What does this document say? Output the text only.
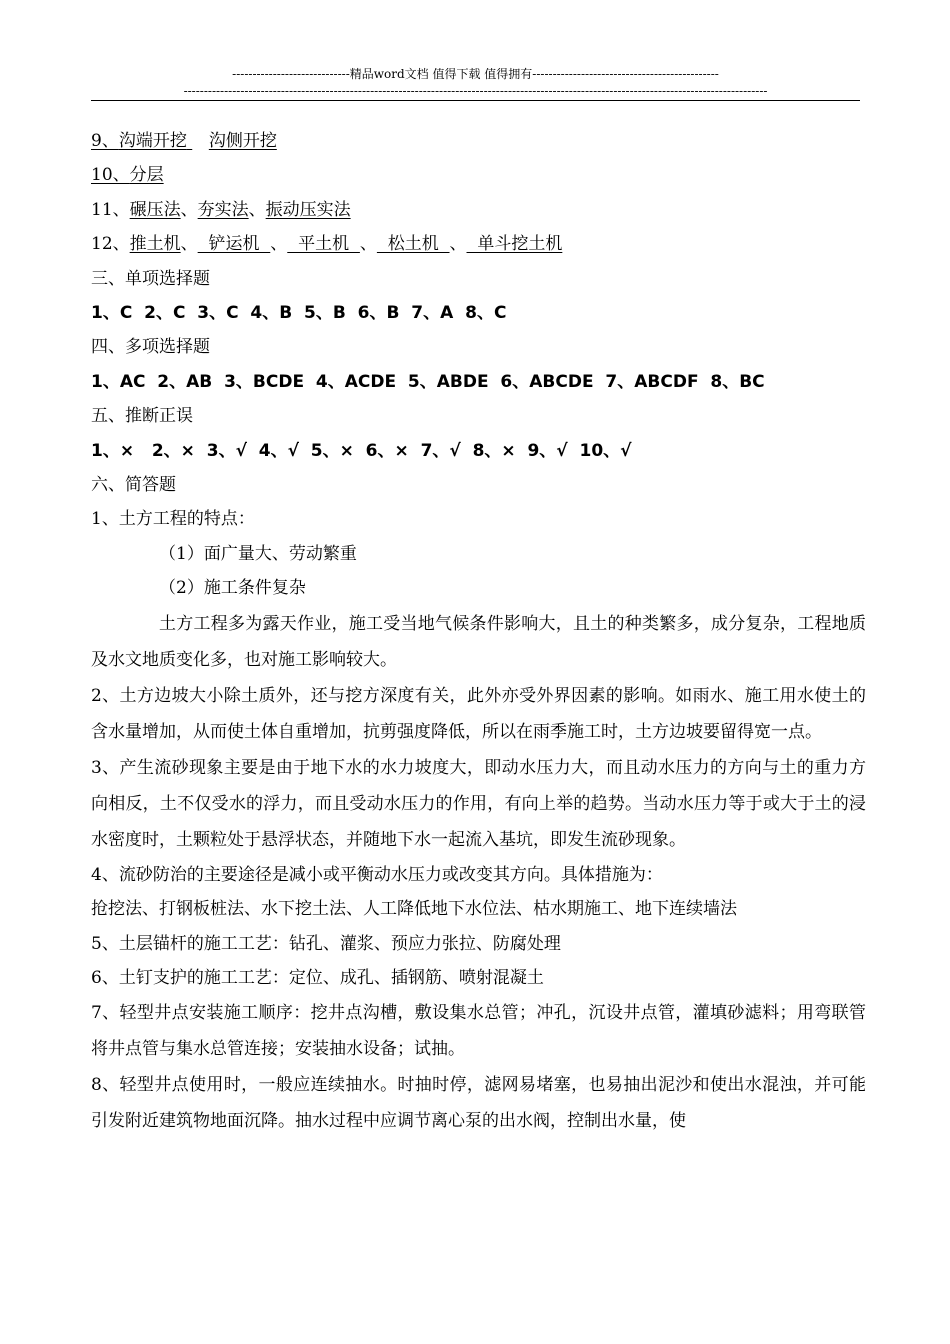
-----------------------------精品word文档 值得下载 值得拥有----------------------------------------------
------------------------------------------------------------------------------------------------------------------------------------------------
9、沟端开挖 沟侧开挖
10、分层
11、碾压法、夯实法、振动压实法
12、推土机、  铲运机  、  平土机  、  松土机  、  单斗挖土机
三、单项选择题
1、C  2、C  3、C  4、B  5、B  6、B  7、A  8、C
四、多项选择题
1、AC  2、AB  3、BCDE  4、ACDE  5、ABDE  6、ABCDE  7、ABCDF  8、BC
五、推断正误
1、×   2、×  3、√  4、√  5、×  6、×  7、√  8、×  9、√  10、√
六、简答题
1、土方工程的特点：
（1）面广量大、劳动繁重
（2）施工条件复杂
土方工程多为露天作业，施工受当地气候条件影响大，且土的种类繁多，成分复杂，工程地质及水文地质变化多，也对施工影响较大。
2、土方边坡大小除土质外，还与挖方深度有关，此外亦受外界因素的影响。如雨水、施工用水使土的含水量增加，从而使土体自重增加，抗剪强度降低，所以在雨季施工时，土方边坡要留得宽一点。
3、产生流砂现象主要是由于地下水的水力坡度大，即动水压力大，而且动水压力的方向与土的重力方向相反，土不仅受水的浮力，而且受动水压力的作用，有向上举的趋势。当动水压力等于或大于土的浸水密度时，土颗粒处于悬浮状态，并随地下水一起流入基坑，即发生流砂现象。
4、流砂防治的主要途径是减小或平衡动水压力或改变其方向。具体措施为：
抢挖法、打钢板桩法、水下挖土法、人工降低地下水位法、枯水期施工、地下连续墙法
5、土层锚杆的施工工艺：钻孔、灌浆、预应力张拉、防腐处理
6、土钉支护的施工工艺：定位、成孔、插钢筋、喷射混凝土
7、轻型井点安装施工顺序：挖井点沟槽，敷设集水总管；冲孔，沉设井点管，灌填砂滤料；用弯联管将井点管与集水总管连接；安装抽水设备；试抽。
8、轻型井点使用时，一般应连续抽水。时抽时停，滤网易堵塞，也易抽出泥沙和使出水混浊，并可能引发附近建筑物地面沉降。抽水过程中应调节离心泵的出水阀，控制出水量，使
